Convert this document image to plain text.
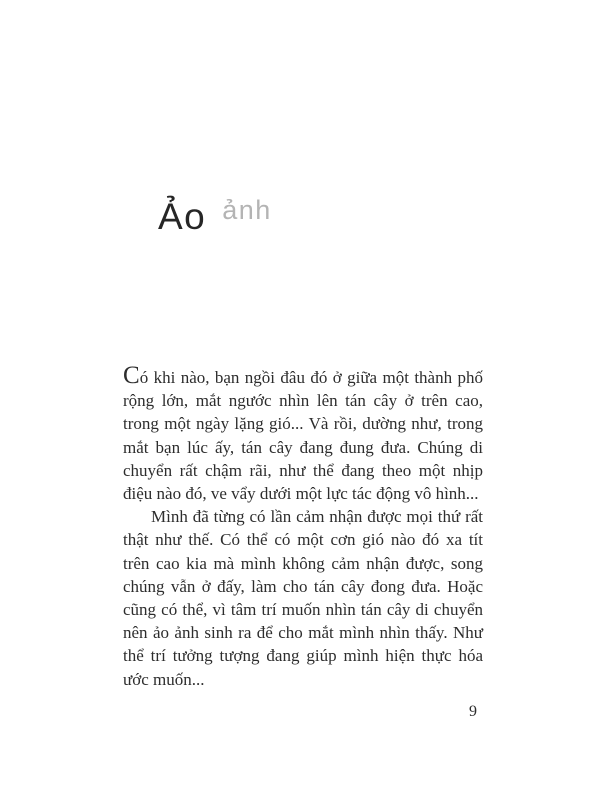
Ảo ảnh

Có khi nào, bạn ngồi đâu đó ở giữa một thành phố rộng lớn, mắt ngước nhìn lên tán cây ở trên cao, trong một ngày lặng gió... Và rồi, dường như, trong mắt bạn lúc ấy, tán cây đang đung đưa. Chúng di chuyển rất chậm rãi, như thể đang theo một nhịp điệu nào đó, ve vẩy dưới một lực tác động vô hình...

Mình đã từng có lần cảm nhận được mọi thứ rất thật như thế. Có thể có một cơn gió nào đó xa tít trên cao kia mà mình không cảm nhận được, song chúng vẫn ở đấy, làm cho tán cây đong đưa. Hoặc cũng có thể, vì tâm trí muốn nhìn tán cây di chuyển nên ảo ảnh sinh ra để cho mắt mình nhìn thấy. Như thể trí tưởng tượng đang giúp mình hiện thực hóa ước muốn...

9
